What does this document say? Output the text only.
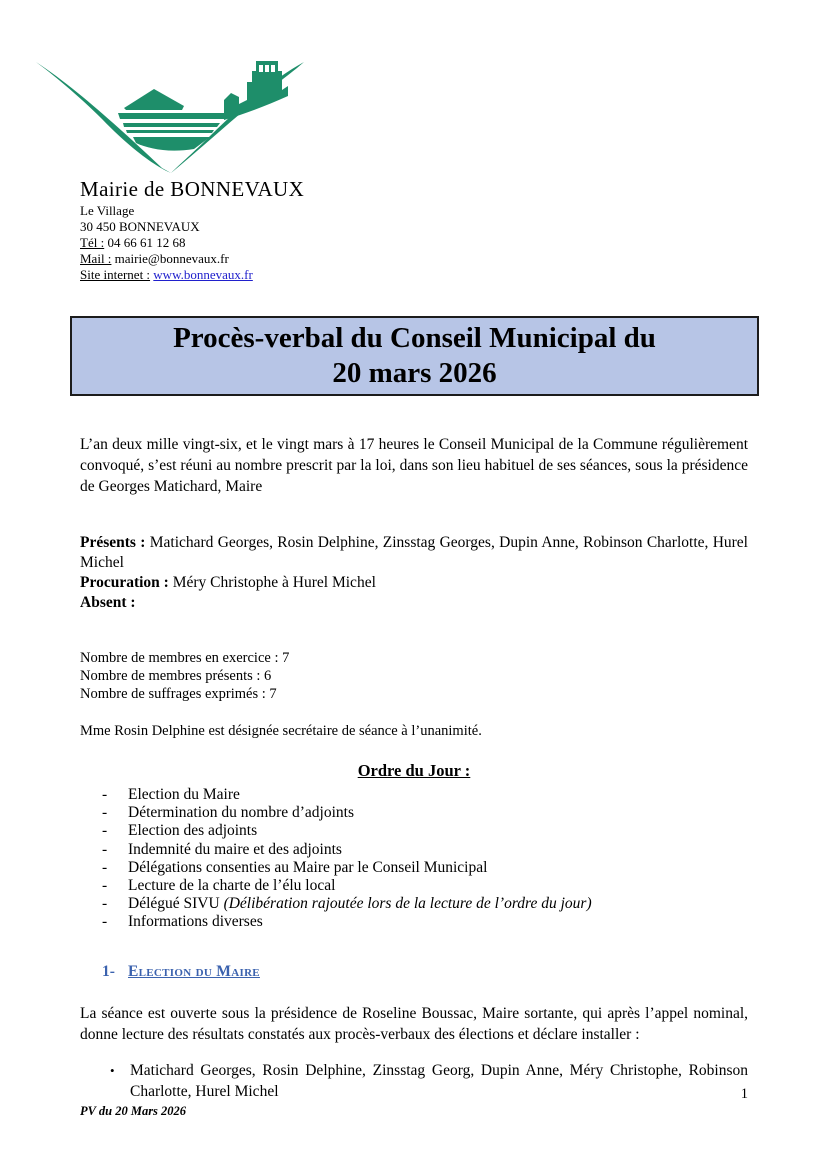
Mairie de BONNEVAUX
Le Village
30 450 BONNEVAUX
Tél : 04 66 61 12 68
Mail : mairie@bonnevaux.fr
Site internet : www.bonnevaux.fr
Procès-verbal du Conseil Municipal du
20 mars 2026

L’an deux mille vingt-six, et le vingt mars à 17 heures le Conseil Municipal de la Commune régulièrement convoqué, s’est réuni au nombre prescrit par la loi, dans son lieu habituel de ses séances, sous la présidence de Georges Matichard, Maire

Présents : Matichard Georges, Rosin Delphine, Zinsstag Georges, Dupin Anne, Robinson Charlotte, Hurel Michel
Procuration : Méry Christophe à Hurel Michel
Absent :

Nombre de membres en exercice : 7
Nombre de membres présents : 6
Nombre de suffrages exprimés : 7
Mme Rosin Delphine est désignée secrétaire de séance à l’unanimité.
Ordre du Jour :
-	Election du Maire
-	Détermination du nombre d’adjoints
-	Election des adjoints
-	Indemnité du maire et des adjoints
-	Délégations consenties au Maire par le Conseil Municipal
-	Lecture de la charte de l’élu local
-	Délégué SIVU (Délibération rajoutée lors de la lecture de l’ordre du jour)
-	Informations diverses
1- Election du Maire

La séance est ouverte sous la présidence de Roseline Boussac, Maire sortante, qui après l’appel nominal, donne lecture des résultats constatés aux procès-verbaux des élections et déclare installer :

• Matichard Georges, Rosin Delphine, Zinsstag Georg, Dupin Anne, Méry Christophe, Robinson Charlotte, Hurel Michel
PV du 20 Mars 2026
1
